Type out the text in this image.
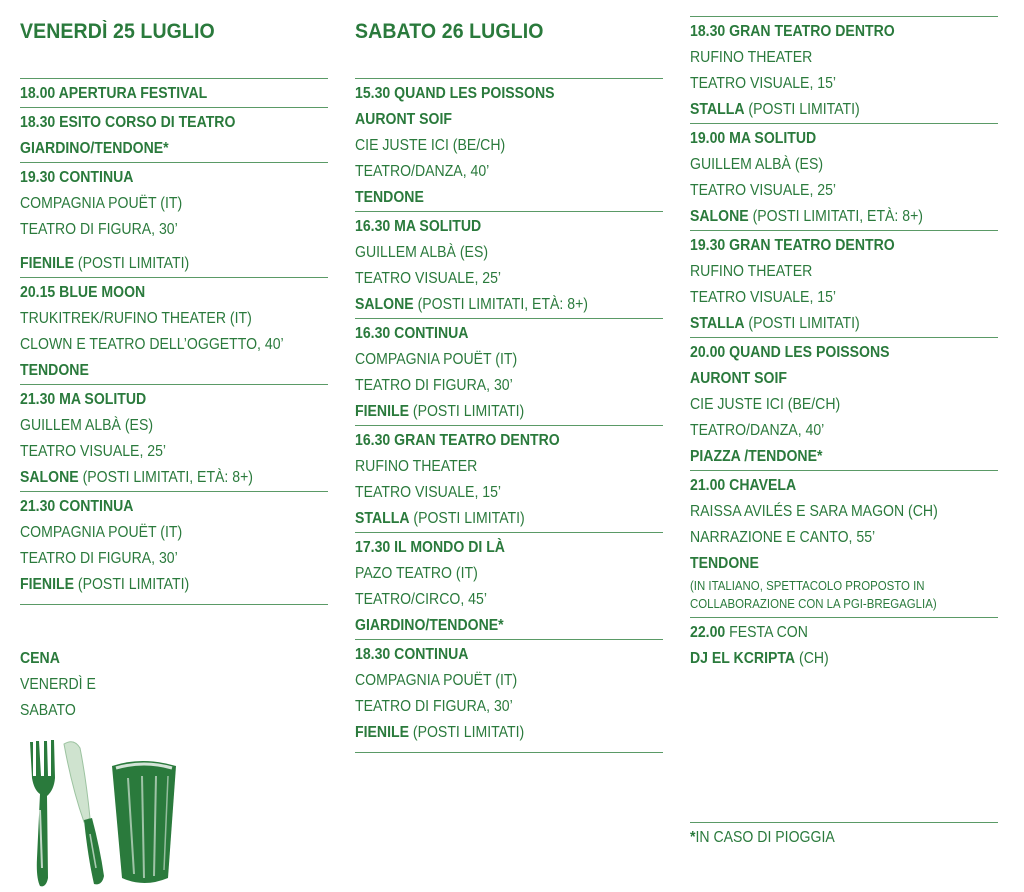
VENERDÌ 25 LUGLIO
18.00 APERTURA FESTIVAL
18.30 ESITO CORSO DI TEATRO
GIARDINO/TENDONE*
19.30 CONTINUA
COMPAGNIA POUËT (IT)
TEATRO DI FIGURA, 30’
FIENILE (POSTI LIMITATI)
20.15 BLUE MOON
TRUKITREK/RUFINO THEATER (IT)
CLOWN E TEATRO DELL’OGGETTO, 40’
TENDONE
21.30 MA SOLITUD
GUILLEM ALBÀ (ES)
TEATRO VISUALE, 25’
SALONE (POSTI LIMITATI, ETÀ: 8+)
21.30 CONTINUA
COMPAGNIA POUËT (IT)
TEATRO DI FIGURA, 30’
FIENILE (POSTI LIMITATI)
CENA
VENERDÌ E
SABATO
SABATO 26 LUGLIO
15.30 QUAND LES POISSONS
AURONT SOIF
CIE JUSTE ICI (BE/CH)
TEATRO/DANZA, 40’
TENDONE
16.30 MA SOLITUD
GUILLEM ALBÀ (ES)
TEATRO VISUALE, 25’
SALONE (POSTI LIMITATI, ETÀ: 8+)
16.30 CONTINUA
COMPAGNIA POUËT (IT)
TEATRO DI FIGURA, 30’
FIENILE (POSTI LIMITATI)
16.30 GRAN TEATRO DENTRO
RUFINO THEATER
TEATRO VISUALE, 15’
STALLA (POSTI LIMITATI)
17.30 IL MONDO DI LÀ
PAZO TEATRO (IT)
TEATRO/CIRCO, 45’
GIARDINO/TENDONE*
18.30 CONTINUA
COMPAGNIA POUËT (IT)
TEATRO DI FIGURA, 30’
FIENILE (POSTI LIMITATI)
18.30 GRAN TEATRO DENTRO
RUFINO THEATER
TEATRO VISUALE, 15’
STALLA (POSTI LIMITATI)
19.00 MA SOLITUD
GUILLEM ALBÀ (ES)
TEATRO VISUALE, 25’
SALONE (POSTI LIMITATI, ETÀ: 8+)
19.30 GRAN TEATRO DENTRO
RUFINO THEATER
TEATRO VISUALE, 15’
STALLA (POSTI LIMITATI)
20.00 QUAND LES POISSONS
AURONT SOIF
CIE JUSTE ICI (BE/CH)
TEATRO/DANZA, 40’
PIAZZA /TENDONE*
21.00 CHAVELA
RAISSA AVILÉS E SARA MAGON (CH)
NARRAZIONE E CANTO, 55’
TENDONE
(IN ITALIANO, SPETTACOLO PROPOSTO IN
COLLABORAZIONE CON LA PGI-BREGAGLIA)
22.00 FESTA CON
DJ EL KCRIPTA (CH)
*IN CASO DI PIOGGIA
